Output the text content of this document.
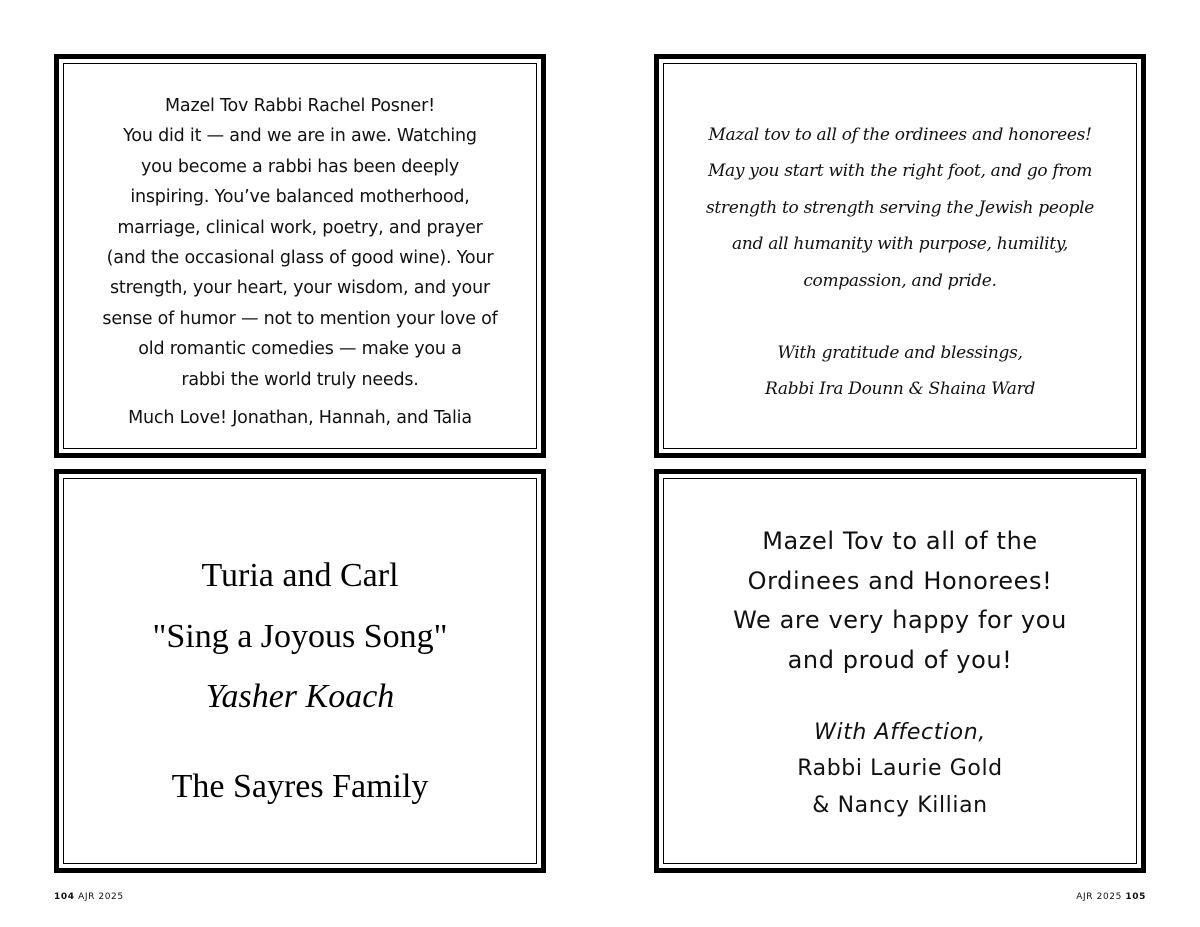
Mazel Tov Rabbi Rachel Posner!
You did it — and we are in awe. Watching
you become a rabbi has been deeply
inspiring. You’ve balanced motherhood,
marriage, clinical work, poetry, and prayer
(and the occasional glass of good wine). Your
strength, your heart, your wisdom, and your
sense of humor — not to mention your love of
old romantic comedies — make you a
rabbi the world truly needs.
Much Love! Jonathan, Hannah, and Talia
Mazal tov to all of the ordinees and honorees!
May you start with the right foot, and go from
strength to strength serving the Jewish people
and all humanity with purpose, humility,
compassion, and pride.
With gratitude and blessings,
Rabbi Ira Dounn & Shaina Ward
Turia and Carl
"Sing a Joyous Song"
Yasher Koach
The Sayres Family
Mazel Tov to all of the
Ordinees and Honorees!
We are very happy for you
and proud of you!
With Affection,
Rabbi Laurie Gold
& Nancy Killian
104 AJR 2025	AJR 2025 105
